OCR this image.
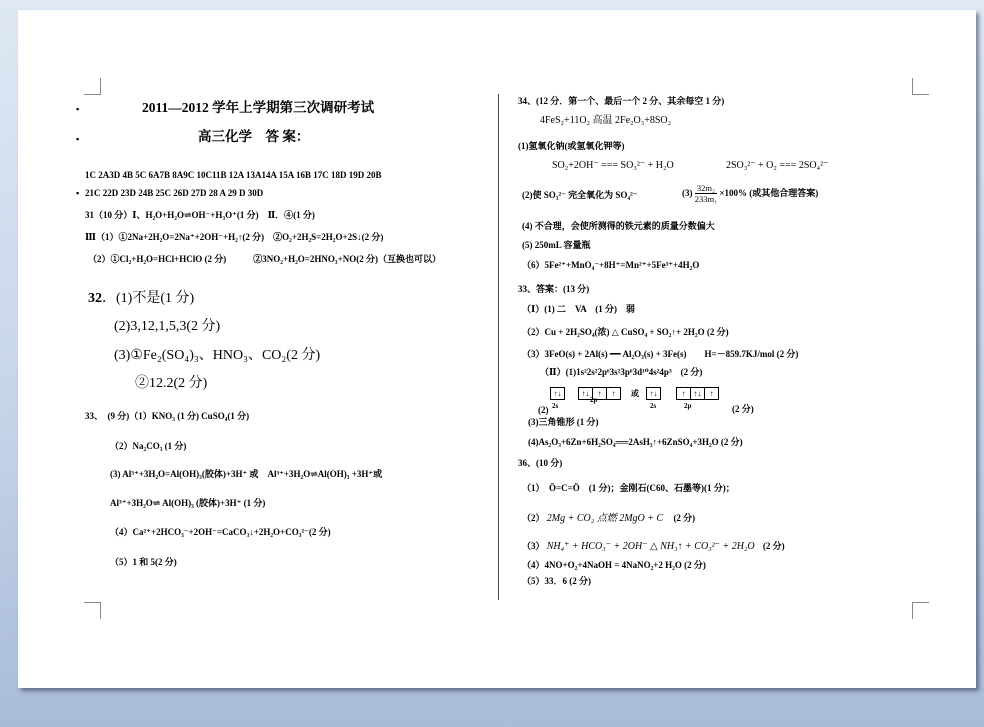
▪
▪
▪
2011—2012 学年上学期第三次调研考试
高三化学　答 案：
1C 2A3D 4B 5C 6A7B 8A9C 10C11B 12A 13A14A 15A 16B 17C 18D 19D 20B
21C 22D 23D 24B 25C 26D 27D 28 A 29 D 30D
31（10 分）Ⅰ、H₂O+H₂O⇌OH⁻+H₃O⁺(1 分)　Ⅱ．④(1 分)
Ⅲ（1）①2Na+2H₂O=2Na⁺+2OH⁻+H₂↑(2 分)　②O₂+2H₂S=2H₂O+2S↓(2 分)
（2）①Cl₂+H₂O=HCl+HClO (2 分)　　　②3NO₂+H₂O=2HNO₃+NO(2 分)（互换也可以）
32．(1)不是(1 分)
(2)3,12,1,5,3(2 分)
(3)①Fe₂(SO₄)₃、HNO₃、CO₂(2 分)
②12.2(2 分)
33、　(9 分)（1）KNO₃ (1 分) CuSO₄(1 分)
（2）Na₂CO₃ (1 分)
(3) Al³⁺+3H₂O=Al(OH)₃(胶体)+3H⁺ 或　Al³⁺+3H₂O⇌Al(OH)₃ +3H⁺或
Al³⁺+3H₂O⇌ Al(OH)₃ (胶体)+3H⁺ (1 分)
（4）Ca²⁺+2HCO₃⁻+2OH⁻=CaCO₃↓+2H₂O+CO₃²⁻(2 分)
（5）1 和 5(2 分)
34、(12 分．第一个、最后一个 2 分、其余每空 1 分)
4FeS₂+11O₂ 高温 2Fe₂O₃+8SO₂
(1)氢氧化钠(或氢氧化钾等)
SO₂+2OH⁻ === SO₃²⁻ + H₂O	2SO₃²⁻ + O₂ === 2SO₄²⁻
(2)使 SO₃²⁻ 完全氧化为 SO₄²⁻	$(3) \frac{\text{32m₂}}{\text{233m₁}} \times 100\%$ (或其他合理答案)
(4) 不合理，会使所测得的铁元素的质量分数偏大
(5) 250mL 容量瓶
（6）5Fe²⁺+MnO₄⁻+8H⁺=Mn²⁺+5Fe³⁺+4H₂O
33、答案：(13 分)
（Ⅰ）(1) 二　VA　(1 分)　弱
（2）Cu + 2H₂SO₄(浓) △ CuSO₄ + SO₂↑+ 2H₂O (2 分)
（3）3FeO(s) + 2Al(s) ━━ Al₂O₃(s) + 3Fe(s)　　H=－859.7KJ/mol (2 分)
（Ⅱ）(1)1s²2s²2p⁶3s²3p⁶3d¹⁰4s²4p³　(2 分)
↑↓	↑↓ ↑ ↑
2s
2p
或	↑↓	↑ ↑↓ ↑
2s	2p
(2)	(2 分)
(3)三角锥形 (1 分)
(4)As₂O₃+6Zn+6H₂SO₄══2AsH₃↑+6ZnSO₄+3H₂O (2 分)
36、(10 分)
（1）　Ö=C=Ö　(1 分)；金刚石(C60、石墨等)(1 分)；
（2） 2Mg + CO₂ 点燃 2MgO + C (2 分)
（3） NH₄⁺ + HCO₃⁻ + 2OH⁻ △ NH₃↑ + CO₃²⁻ + 2H₂O (2 分)
（4）4NO+O₂+4NaOH = 4NaNO₂+2 H₂O (2 分)
（5）33．6 (2 分)
